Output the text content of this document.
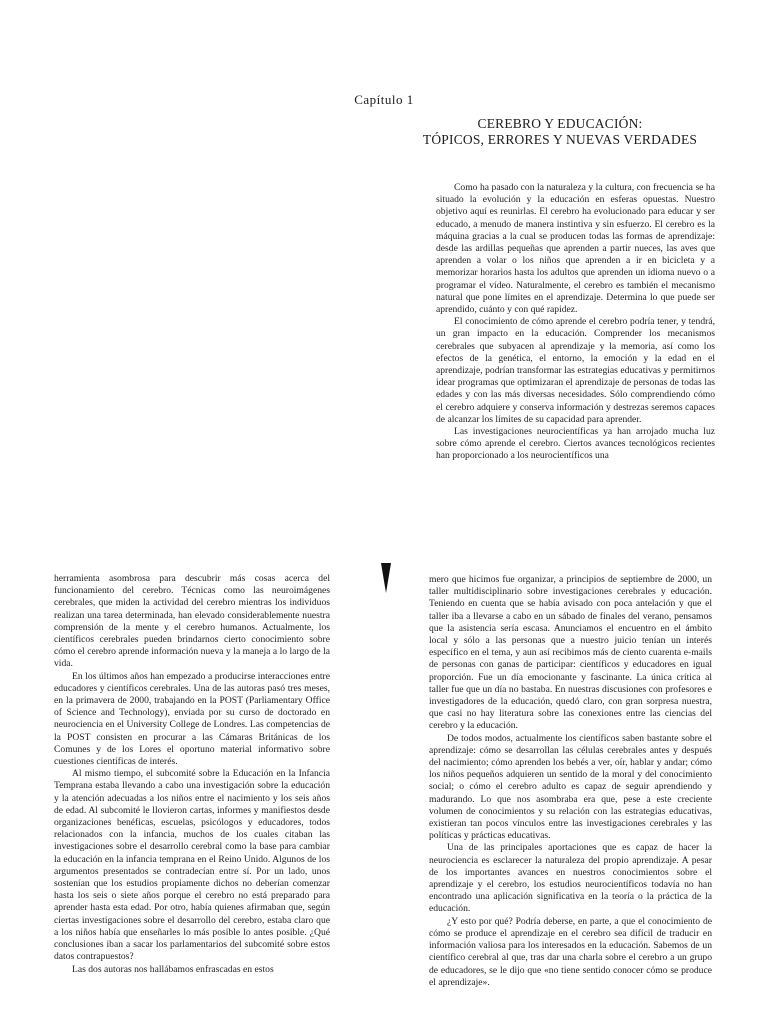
Capítulo 1
CEREBRO Y EDUCACIÓN:
TÓPICOS, ERRORES Y NUEVAS VERDADES

Como ha pasado con la naturaleza y la cultura, con frecuencia se ha situado la evolución y la educación en esferas opuestas. Nuestro objetivo aquí es reunirlas. El cerebro ha evolucionado para educar y ser educado, a menudo de manera instintiva y sin esfuerzo. El cerebro es la máquina gracias a la cual se producen todas las formas de aprendizaje: desde las ardillas pequeñas que aprenden a partir nueces, las aves que aprenden a volar o los niños que aprenden a ir en bicicleta y a memorizar horarios hasta los adultos que aprenden un idioma nuevo o a programar el vídeo. Naturalmente, el cerebro es también el mecanismo natural que pone límites en el aprendizaje. Determina lo que puede ser aprendido, cuánto y con qué rapidez.

El conocimiento de cómo aprende el cerebro podría tener, y tendrá, un gran impacto en la educación. Comprender los mecanismos cerebrales que subyacen al aprendizaje y la memoria, así como los efectos de la genética, el entorno, la emoción y la edad en el aprendizaje, podrían transformar las estrategias educativas y permitirnos idear programas que optimizaran el aprendizaje de personas de todas las edades y con las más diversas necesidades. Sólo comprendiendo cómo el cerebro adquiere y conserva información y destrezas seremos capaces de alcanzar los límites de su capacidad para aprender.

Las investigaciones neurocientíficas ya han arrojado mucha luz sobre cómo aprende el cerebro. Ciertos avances tecnológicos recientes han proporcionado a los neurocientíficos una

herramienta asombrosa para descubrir más cosas acerca del funcionamiento del cerebro. Técnicas como las neuroimágenes cerebrales, que miden la actividad del cerebro mientras los individuos realizan una tarea determinada, han elevado considerablemente nuestra comprensión de la mente y el cerebro humanos. Actualmente, los científicos cerebrales pueden brindarnos cierto conocimiento sobre cómo el cerebro aprende información nueva y la maneja a lo largo de la vida.

En los últimos años han empezado a producirse interacciones entre educadores y científicos cerebrales. Una de las autoras pasó tres meses, en la primavera de 2000, trabajando en la POST (Parliamentary Office of Science and Technology), enviada por su curso de doctorado en neurociencia en el University College de Londres. Las competencias de la POST consisten en procurar a las Cámaras Británicas de los Comunes y de los Lores el oportuno material informativo sobre cuestiones científicas de interés.

Al mismo tiempo, el subcomité sobre la Educación en la Infancia Temprana estaba llevando a cabo una investigación sobre la educación y la atención adecuadas a los niños entre el nacimiento y los seis años de edad. Al subcomité le llovieron cartas, informes y manifiestos desde organizaciones benéficas, escuelas, psicólogos y educadores, todos relacionados con la infancia, muchos de los cuales citaban las investigaciones sobre el desarrollo cerebral como la base para cambiar la educación en la infancia temprana en el Reino Unido. Algunos de los argumentos presentados se contradecían entre sí. Por un lado, unos sostenían que los estudios propiamente dichos no deberían comenzar hasta los seis o siete años porque el cerebro no está preparado para aprender hasta esta edad. Por otro, había quienes afirmaban que, según ciertas investigaciones sobre el desarrollo del cerebro, estaba claro que a los niños había que enseñarles lo más posible lo antes posible. ¿Qué conclusiones iban a sacar los parlamentarios del subcomité sobre estos datos contrapuestos?

Las dos autoras nos hallábamos enfrascadas en estos

mero que hicimos fue organizar, a principios de septiembre de 2000, un taller multidisciplinario sobre investigaciones cerebrales y educación. Teniendo en cuenta que se había avisado con poca antelación y que el taller iba a llevarse a cabo en un sábado de finales del verano, pensamos que la asistencia sería escasa. Anunciamos el encuentro en el ámbito local y sólo a las personas que a nuestro juicio tenían un interés específico en el tema, y aun así recibimos más de ciento cuarenta e-mails de personas con ganas de participar: científicos y educadores en igual proporción. Fue un día emocionante y fascinante. La única crítica al taller fue que un día no bastaba. En nuestras discusiones con profesores e investigadores de la educación, quedó claro, con gran sorpresa nuestra, que casi no hay literatura sobre las conexiones entre las ciencias del cerebro y la educación.

De todos modos, actualmente los científicos saben bastante sobre el aprendizaje: cómo se desarrollan las células cerebrales antes y después del nacimiento; cómo aprenden los bebés a ver, oír, hablar y andar; cómo los niños pequeños adquieren un sentido de la moral y del conocimiento social; o cómo el cerebro adulto es capaz de seguir aprendiendo y madurando. Lo que nos asombraba era que, pese a este creciente volumen de conocimientos y su relación con las estrategias educativas, existieran tan pocos vínculos entre las investigaciones cerebrales y las políticas y prácticas educativas.

Una de las principales aportaciones que es capaz de hacer la neurociencia es esclarecer la naturaleza del propio aprendizaje. A pesar de los importantes avances en nuestros conocimientos sobre el aprendizaje y el cerebro, los estudios neurocientíficos todavía no han encontrado una aplicación significativa en la teoría o la práctica de la educación.

¿Y esto por qué? Podría deberse, en parte, a que el conocimiento de cómo se produce el aprendizaje en el cerebro sea difícil de traducir en información valiosa para los interesados en la educación. Sabemos de un científico cerebral al que, tras dar una charla sobre el cerebro a un grupo de educadores, se le dijo que «no tiene sentido conocer cómo se produce el aprendizaje».
